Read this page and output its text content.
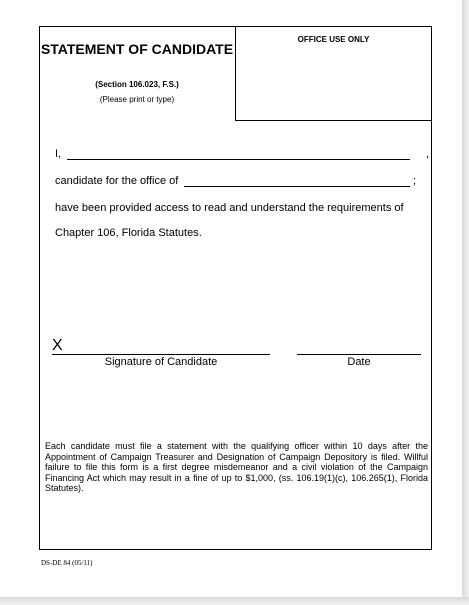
OFFICE USE ONLY
STATEMENT OF CANDIDATE
(Section 106.023, F.S.)
(Please print or type)
I,	,
candidate for the office of	;
have been provided access to read and understand the requirements of
Chapter 106, Florida Statutes.
X
Signature of Candidate	Date
Each candidate must file a statement with the qualifying officer within 10 days after the Appointment of Campaign Treasurer and Designation of Campaign Depository is filed. Willful failure to file this form is a first degree misdemeanor and a civil violation of the Campaign Financing Act which may result in a fine of up to $1,000, (ss. 106.19(1)(c), 106.265(1), Florida Statutes).
DS-DE 84 (05/11)
